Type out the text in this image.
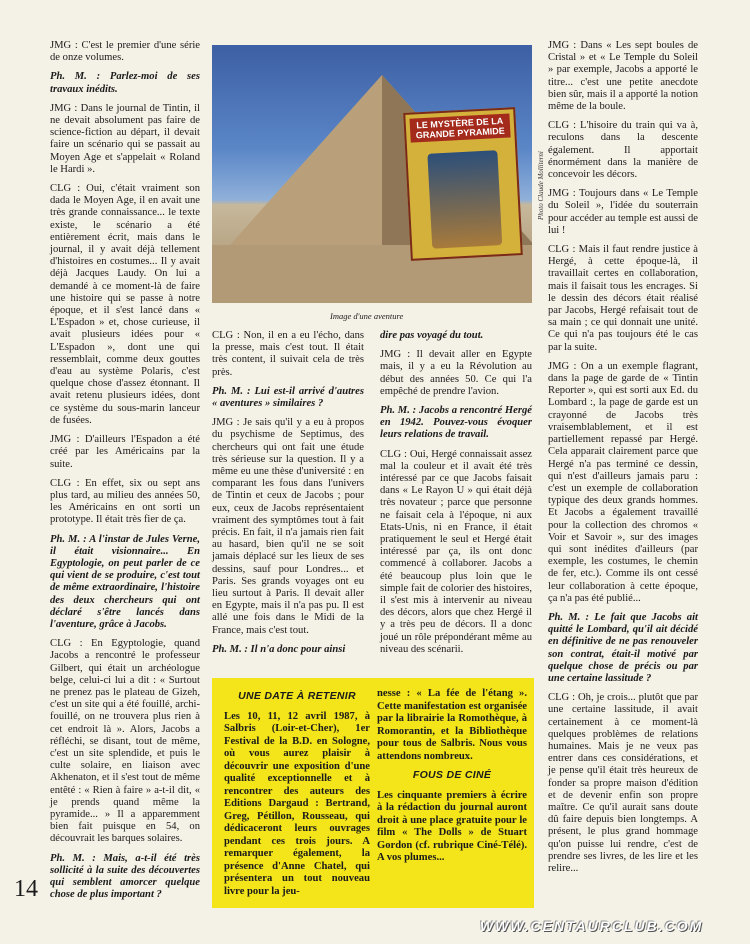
JMG : C'est le premier d'une série de onze volumes.

Ph. M. : Parlez-moi de ses travaux inédits.

JMG : Dans le journal de Tintin, il ne devait absolument pas faire de science-fiction au départ, il devait faire un scénario qui se passait au Moyen Age et s'appelait « Roland le Hardi ».

CLG : Oui, c'était vraiment son dada le Moyen Age, il en avait une très grande connaissance... le texte existe, le scénario a été entièrement écrit, mais dans le journal, il y avait déjà tellement d'histoires en costumes... Il y avait déjà Jacques Laudy. On lui a demandé à ce moment-là de faire une histoire qui se passe à notre époque, et il s'est lancé dans « L'Espadon » et, chose curieuse, il avait plusieurs idées pour « L'Espadon », dont une qui ressemblait, comme deux gouttes d'eau au système Polaris, c'est quelque chose d'assez étonnant. Il avait retenu plusieurs idées, dont ce système du sous-marin lanceur de fusées.

JMG : D'ailleurs l'Espadon a été créé par les Américains par la suite.

CLG : En effet, six ou sept ans plus tard, au milieu des années 50, les Américains en ont sorti un prototype. Il était très fier de ça.

Ph. M. : A l'instar de Jules Verne, il était visionnaire... En Egyptologie, on peut parler de ce qui vient de se produire, c'est tout de même extraordinaire, l'histoire des deux chercheurs qui ont déclaré s'être lancés dans l'aventure, grâce à Jacobs.

CLG : En Egyptologie, quand Jacobs a rencontré le professeur Gilbert, qui était un archéologue belge, celui-ci lui a dit : « Surtout ne prenez pas le plateau de Gizeh, c'est un site qui a été fouillé, archi-fouillé, on ne trouvera plus rien à cet endroit là ». Alors, Jacobs a réfléchi, se disant, tout de même, c'est un site splendide, et puis le culte solaire, en liaison avec Akhenaton, et il s'est tout de même entêté : « Rien à faire » a-t-il dit, « je prends quand même la pyramide... » Il a apparemment bien fait puisque en 54, on découvrait les barques solaires.

Ph. M. : Mais, a-t-il été très sollicité à la suite des découvertes qui semblent amorcer quelque chose de plus important ?

LE MYSTÈRE DE LA GRANDE PYRAMIDE
Photo Claude Molliterni
Image d'une aventure

CLG : Non, il en a eu l'écho, dans la presse, mais c'est tout. Il était très content, il suivait cela de très près.

Ph. M. : Lui est-il arrivé d'autres « aventures » similaires ?

JMG : Je sais qu'il y a eu à propos du psychisme de Septimus, des chercheurs qui ont fait une étude très sérieuse sur la question. Il y a même eu une thèse d'université : en comparant les fous dans l'univers de Tintin et ceux de Jacobs ; pour eux, ceux de Jacobs représentaient vraiment des symptômes tout à fait précis. En fait, il n'a jamais rien fait au hasard, bien qu'il ne se soit jamais déplacé sur les lieux de ses dessins, sauf pour Londres... et Paris. Ses grands voyages ont eu lieu surtout à Paris. Il devait aller en Egypte, mais il n'a pas pu. Il est allé une fois dans le Midi de la France, mais c'est tout.

Ph. M. : Il n'a donc pour ainsi

dire pas voyagé du tout.

JMG : Il devait aller en Egypte mais, il y a eu la Révolution au début des années 50. Ce qui l'a empêché de prendre l'avion.

Ph. M. : Jacobs a rencontré Hergé en 1942. Pouvez-vous évoquer leurs relations de travail.

CLG : Oui, Hergé connaissait assez mal la couleur et il avait été très intéressé par ce que Jacobs faisait dans « Le Rayon U » qui était déjà très novateur ; parce que personne ne faisait cela à l'époque, ni aux Etats-Unis, ni en France, il était pratiquement le seul et Hergé était intéressé par ça, ils ont donc commencé à collaborer. Jacobs a été beaucoup plus loin que le simple fait de colorier des histoires, il s'est mis à intervenir au niveau des décors, alors que chez Hergé il y a très peu de décors. Il a donc joué un rôle prépondérant même au niveau des scénarii.

JMG : Dans « Les sept boules de Cristal » et « Le Temple du Soleil » par exemple, Jacobs a apporté le titre... c'est une petite anecdote bien sûr, mais il a apporté la notion même de la boule.

CLG : L'hisoire du train qui va à, reculons dans la descente également. Il apportait énormément dans la manière de concevoir les décors.

JMG : Toujours dans « Le Temple du Soleil », l'idée du souterrain pour accéder au temple est aussi de lui !

CLG : Mais il faut rendre justice à Hergé, à cette époque-là, il travaillait certes en collaboration, mais il faisait tous les encrages. Si le dessin des décors était réalisé par Jacobs, Hergé refaisait tout de sa main ; ce qui donnait une unité. Ce qui n'a pas toujours été le cas par la suite.

JMG : On a un exemple flagrant, dans la page de garde de « Tintin Reporter », qui est sorti aux Ed. du Lombard :, la page de garde est un crayonné de Jacobs très vraisemblablement, et il est partiellement repassé par Hergé. Cela apparait clairement parce que Hergé n'a pas terminé ce dessin, qui n'est d'ailleurs jamais paru : c'est un exemple de collaboration typique des deux grands hommes. Et Jacobs a également travaillé pour la collection des chromos « Voir et Savoir », sur des images qui sont inédites d'ailleurs (par exemple, les costumes, le chemin de fer, etc.). Comme ils ont cessé leur collaboration à cette époque, ça n'a pas été publié...

Ph. M. : Le fait que Jacobs ait quitté le Lombard, qu'il ait décidé en définitive de ne pas renouveler son contrat, était-il motivé par quelque chose de précis ou par une certaine lassitude ?

CLG : Oh, je crois... plutôt que par une certaine lassitude, il avait certainement à ce moment-là quelques problèmes de relations humaines. Mais je ne veux pas entrer dans ces considérations, et je pense qu'il était très heureux de fonder sa propre maison d'édition et de devenir enfin son propre maître. Ce qu'il aurait sans doute dû faire depuis bien longtemps. A présent, le plus grand hommage qu'on puisse lui rendre, c'est de prendre ses livres, de les lire et les relire...

UNE DATE À RETENIR

Les 10, 11, 12 avril 1987, à Salbris (Loir-et-Cher), 1er Festival de la B.D. en Sologne, où vous aurez plaisir à découvrir une exposition d'une qualité exceptionnelle et à rencontrer des auteurs des Editions Dargaud : Bertrand, Greg, Pétillon, Rousseau, qui dédicaceront leurs ouvrages pendant ces trois jours. A remarquer également, la présence d'Anne Chatel, qui présentera un tout nouveau livre pour la jeu-

nesse : « La fée de l'étang ». Cette manifestation est organisée par la librairie la Romothèque, à Romorantin, et la Bibliothèque pour tous de Salbris. Nous vous attendons nombreux.

FOUS DE CINÉ

Les cinquante premiers à écrire à la rédaction du journal auront droit à une place gratuite pour le film « The Dolls » de Stuart Gordon (cf. rubrique Ciné-Télé). A vos plumes...

14
WWW.CENTAURCLUB.COM
